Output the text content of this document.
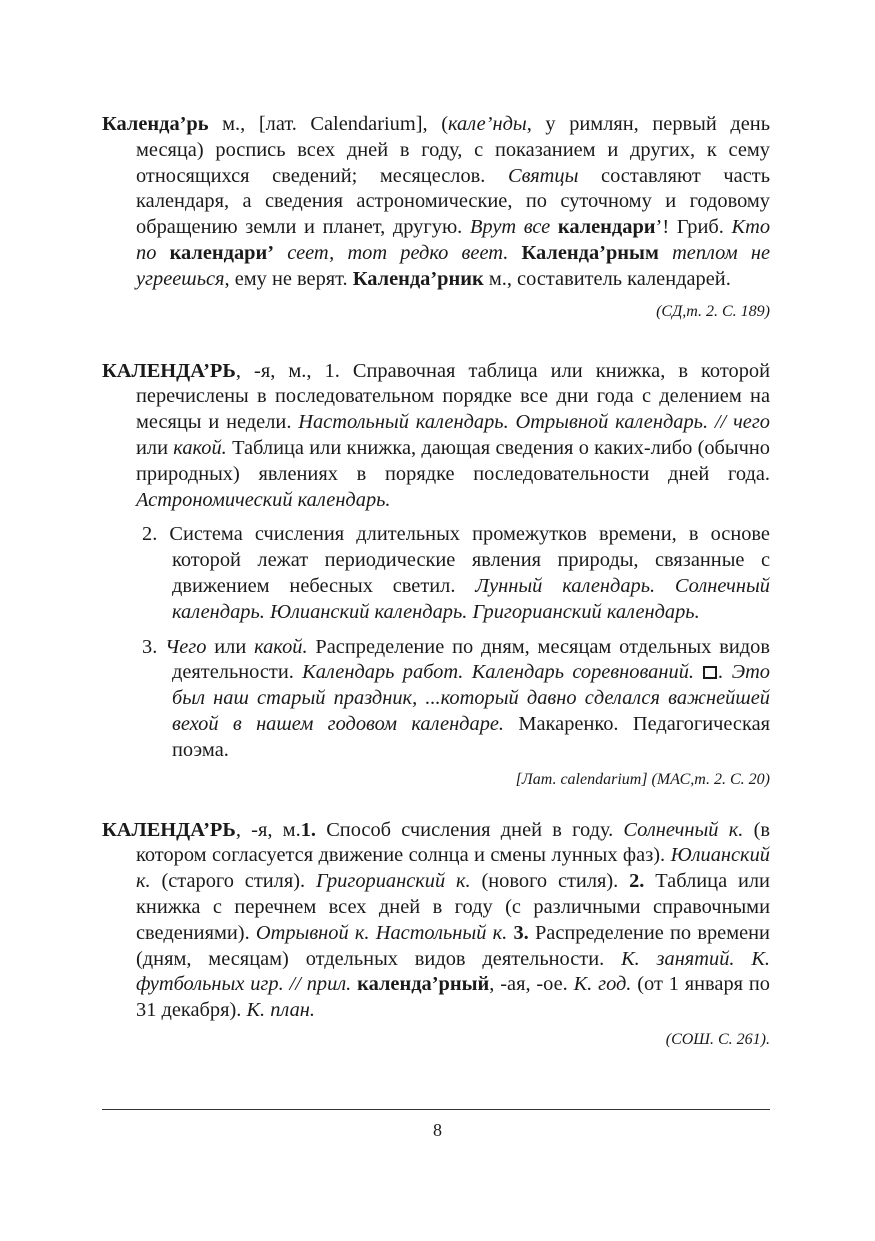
Календа’рь м., [лат. Calendarium], (кале’нды, у римлян, первый день месяца) роспись всех дней в году, с показанием и других, к сему относящихся сведений; месяцеслов. Святцы составляют часть календаря, а сведения астрономические, по суточному и годовому обращению земли и планет, другую. Врут все календари’! Гриб. Кто по календари’ сеет, тот редко веет. Календа’рным теплом не угреешься, ему не верят. Календа’рник м., составитель календарей.

(СД,т. 2. С. 189)

КАЛЕНДА’РЬ, -я, м., 1. Справочная таблица или книжка, в которой перечислены в последовательном порядке все дни года с делением на месяцы и недели. Настольный календарь. Отрывной календарь. // чего или какой. Таблица или книжка, дающая сведения о каких-либо (обычно природных) явлениях в порядке последовательности дней года. Астрономический календарь.

2. Система счисления длительных промежутков времени, в основе которой лежат периодические явления природы, связанные с движением небесных светил. Лунный календарь. Солнечный календарь. Юлианский календарь. Григорианский календарь.

3. Чего или какой. Распределение по дням, месяцам отдельных видов деятельности. Календарь работ. Календарь соревнований. . Это был наш старый праздник, ...который давно сделался важнейшей вехой в нашем годовом календаре. Макаренко. Педагогическая поэма.

[Лат. calendarium] (МАС,т. 2. С. 20)

КАЛЕНДА’РЬ, -я, м.1. Способ счисления дней в году. Солнечный к. (в котором согласуется движение солнца и смены лунных фаз). Юлианский к. (старого стиля). Григорианский к. (нового стиля). 2. Таблица или книжка с перечнем всех дней в году (с различными справочными сведениями). Отрывной к. Настольный к. 3. Распределение по времени (дням, месяцам) отдельных видов деятельности. К. занятий. К. футбольных игр. // прил. календа’рный, -ая, -ое. К. год. (от 1 января по 31 декабря). К. план.

(СОШ. С. 261).
8
